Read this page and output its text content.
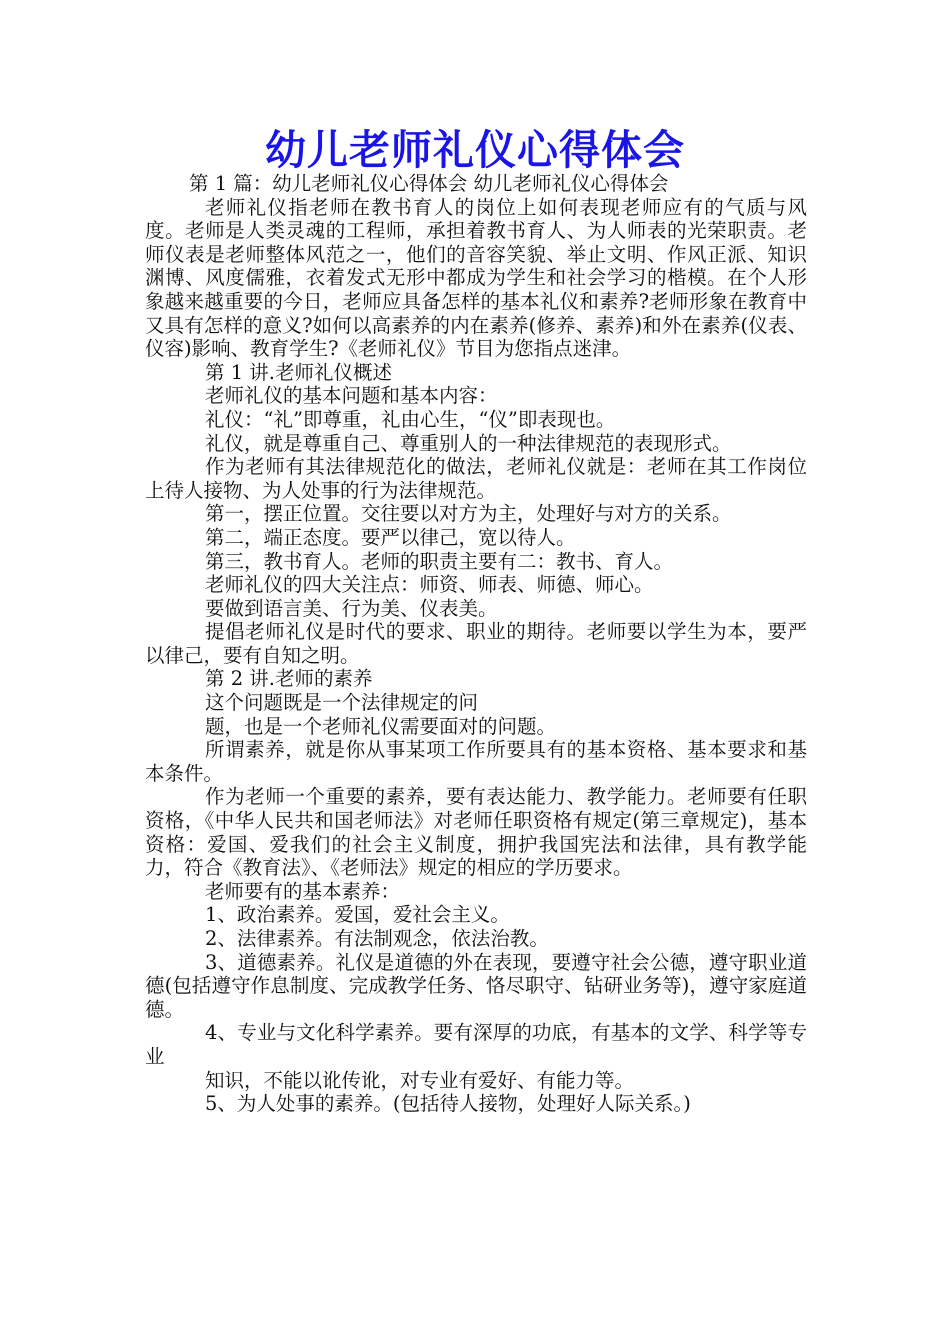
幼儿老师礼仪心得体会

第 1 篇：幼儿老师礼仪心得体会 幼儿老师礼仪心得体会

老师礼仪指老师在教书育人的岗位上如何表现老师应有的气质与风度。老师是人类灵魂的工程师，承担着教书育人、为人师表的光荣职责。老师仪表是老师整体风范之一，他们的音容笑貌、举止文明、作风正派、知识渊博、风度儒雅，衣着发式无形中都成为学生和社会学习的楷模。在个人形象越来越重要的今日，老师应具备怎样的基本礼仪和素养?老师形象在教育中又具有怎样的意义?如何以高素养的内在素养(修养、素养)和外在素养(仪表、仪容)影响、教育学生?《老师礼仪》节目为您指点迷津。

第 1 讲.老师礼仪概述

老师礼仪的基本问题和基本内容：

礼仪：“礼”即尊重，礼由心生，“仪”即表现也。

礼仪，就是尊重自己、尊重别人的一种法律规范的表现形式。

作为老师有其法律规范化的做法，老师礼仪就是：老师在其工作岗位上待人接物、为人处事的行为法律规范。

第一，摆正位置。交往要以对方为主，处理好与对方的关系。

第二，端正态度。要严以律己，宽以待人。

第三，教书育人。老师的职责主要有二：教书、育人。

老师礼仪的四大关注点：师资、师表、师德、师心。

要做到语言美、行为美、仪表美。

提倡老师礼仪是时代的要求、职业的期待。老师要以学生为本，要严以律己，要有自知之明。

第 2 讲.老师的素养

这个问题既是一个法律规定的问

题，也是一个老师礼仪需要面对的问题。

所谓素养，就是你从事某项工作所要具有的基本资格、基本要求和基本条件。

作为老师一个重要的素养，要有表达能力、教学能力。老师要有任职资格，《中华人民共和国老师法》对老师任职资格有规定(第三章规定)，基本资格：爱国、爱我们的社会主义制度，拥护我国宪法和法律，具有教学能力，符合《教育法》、《老师法》规定的相应的学历要求。

老师要有的基本素养：

1、政治素养。爱国，爱社会主义。

2、法律素养。有法制观念，依法治教。

3、道德素养。礼仪是道德的外在表现，要遵守社会公德，遵守职业道德(包括遵守作息制度、完成教学任务、恪尽职守、钻研业务等)，遵守家庭道德。

4、专业与文化科学素养。要有深厚的功底，有基本的文学、科学等专业

知识，不能以讹传讹，对专业有爱好、有能力等。

5、为人处事的素养。(包括待人接物，处理好人际关系。)
